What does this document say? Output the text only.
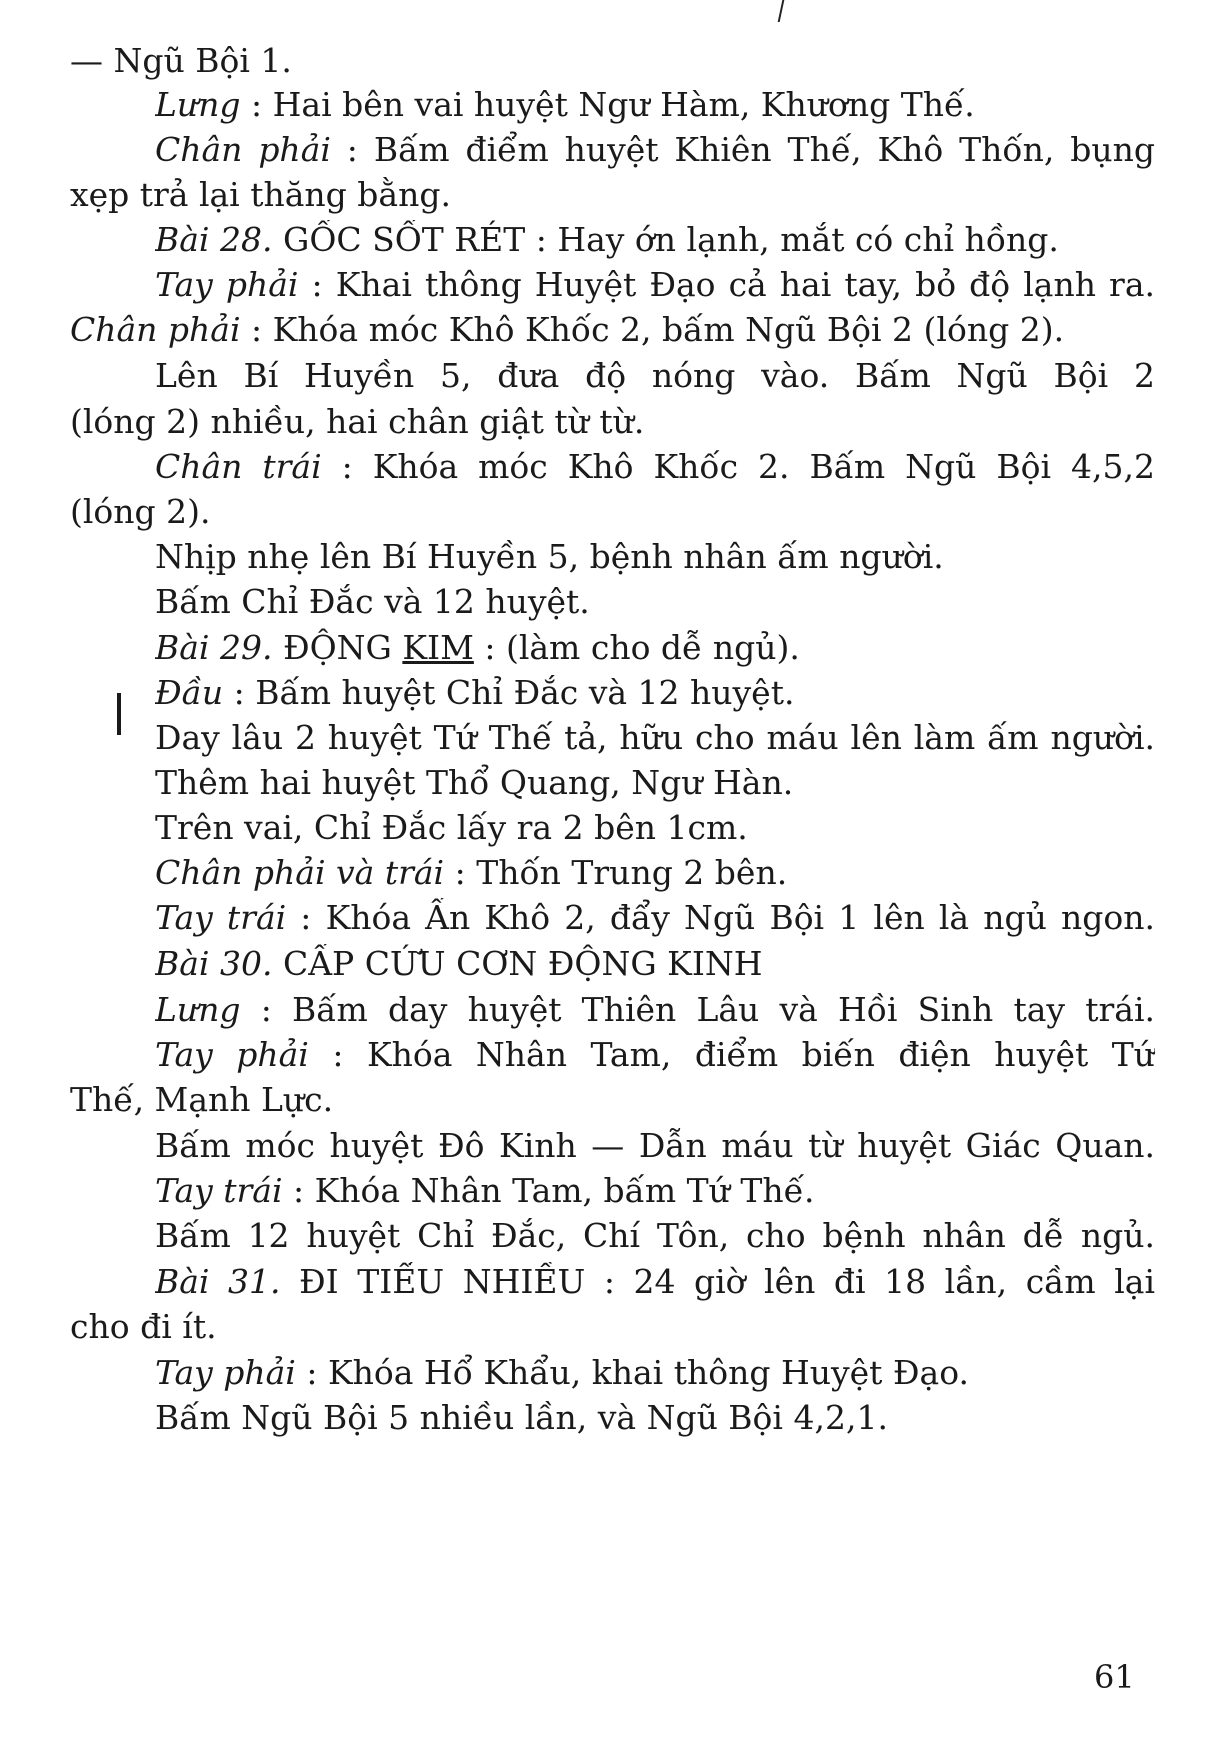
— Ngũ Bội 1.
Lưng : Hai bên vai huyệt Ngư Hàm, Khương Thế.
Chân phải : Bấm điểm huyệt Khiên Thế, Khô Thốn, bụng
xẹp trả lại thăng bằng.
Bài 28. GỐC SỐT RÉT : Hay ớn lạnh, mắt có chỉ hồng.
Tay phải : Khai thông Huyệt Đạo cả hai tay, bỏ độ lạnh ra.
Chân phải : Khóa móc Khô Khốc 2, bấm Ngũ Bội 2 (lóng 2).
Lên Bí Huyền 5, đưa độ nóng vào. Bấm Ngũ Bội 2
(lóng 2) nhiều, hai chân giật từ từ.
Chân trái : Khóa móc Khô Khốc 2. Bấm Ngũ Bội 4,5,2
(lóng 2).
Nhịp nhẹ lên Bí Huyền 5, bệnh nhân ấm người.
Bấm Chỉ Đắc và 12 huyệt.
Bài 29. ĐỘNG KIM : (làm cho dễ ngủ).
Đầu : Bấm huyệt Chỉ Đắc và 12 huyệt.
Day lâu 2 huyệt Tứ Thế tả, hữu cho máu lên làm ấm người.
Thêm hai huyệt Thổ Quang, Ngư Hàn.
Trên vai, Chỉ Đắc lấy ra 2 bên 1cm.
Chân phải và trái : Thốn Trung 2 bên.
Tay trái : Khóa Ấn Khô 2, đẩy Ngũ Bội 1 lên là ngủ ngon.
Bài 30. CẤP CỨU CƠN ĐỘNG KINH
Lưng : Bấm day huyệt Thiên Lâu và Hồi Sinh tay trái.
Tay phải : Khóa Nhân Tam, điểm biến điện huyệt Tứ
Thế, Mạnh Lực.
Bấm móc huyệt Đô Kinh — Dẫn máu từ huyệt Giác Quan.
Tay trái : Khóa Nhân Tam, bấm Tứ Thế.
Bấm 12 huyệt Chỉ Đắc, Chí Tôn, cho bệnh nhân dễ ngủ.
Bài 31. ĐI TIỂU NHIỀU : 24 giờ lên đi 18 lần, cầm lại
cho đi ít.
Tay phải : Khóa Hổ Khẩu, khai thông Huyệt Đạo.
Bấm Ngũ Bội 5 nhiều lần, và Ngũ Bội 4,2,1.
61
